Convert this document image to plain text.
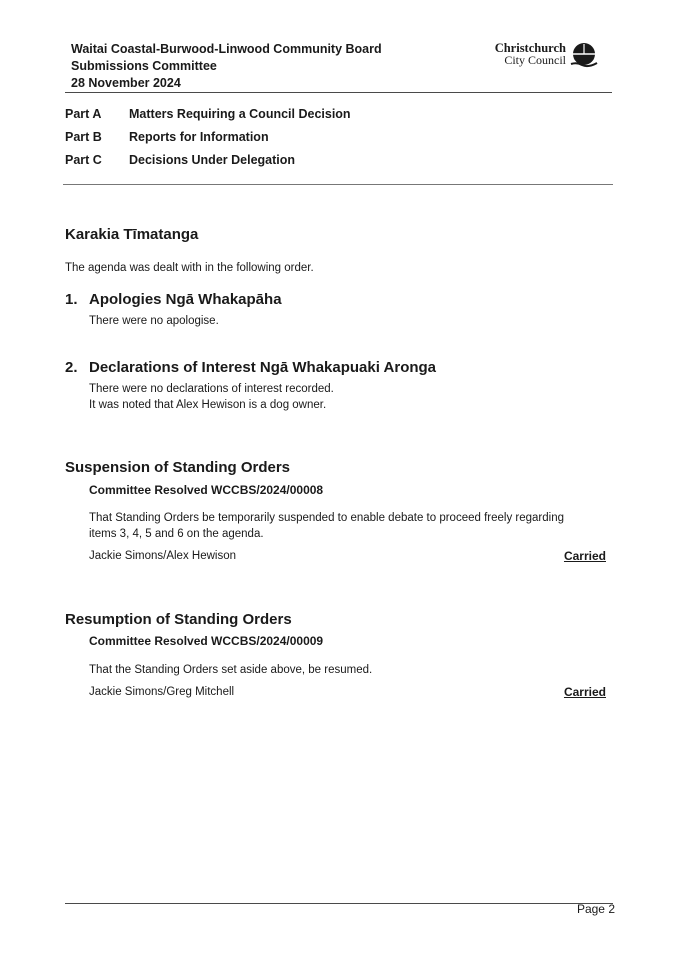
Waitai Coastal-Burwood-Linwood Community Board
Submissions Committee
28 November 2024
Christchurch
City Council
Part A Matters Requiring a Council Decision
Part B Reports for Information
Part C Decisions Under Delegation
Karakia Tīmatanga

The agenda was dealt with in the following order.

1. Apologies Ngā Whakapāha

There were no apologise.

2. Declarations of Interest Ngā Whakapuaki Aronga

There were no declarations of interest recorded.

It was noted that Alex Hewison is a dog owner.

Suspension of Standing Orders
Committee Resolved WCCBS/2024/00008

That Standing Orders be temporarily suspended to enable debate to proceed freely regarding items 3, 4, 5 and 6 on the agenda.

Jackie Simons/Alex Hewison	Carried
Resumption of Standing Orders
Committee Resolved WCCBS/2024/00009

That the Standing Orders set aside above, be resumed.

Jackie Simons/Greg Mitchell	Carried
Page 2
